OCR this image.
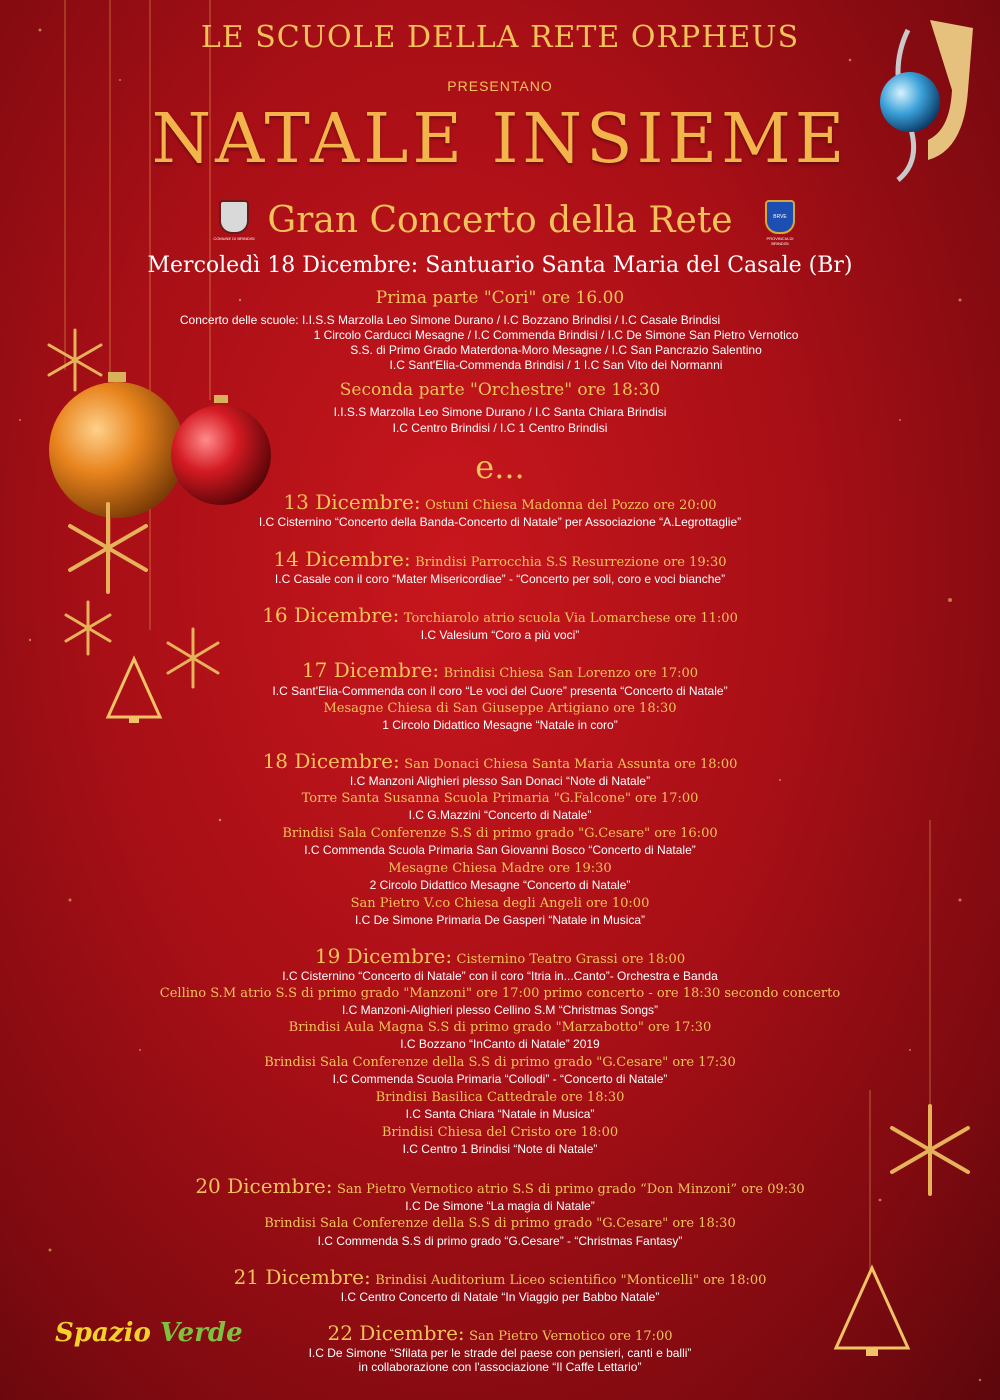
COMUNE DI BRINDISI
BRVE
PROVINCIA DI BRINDISI
LE SCUOLE DELLA RETE ORPHEUS
PRESENTANO
NATALE INSIEME
Gran Concerto della Rete
Mercoledì 18 Dicembre: Santuario Santa Maria del Casale (Br)
Prima parte "Cori" ore 16.00
Concerto delle scuole: I.I.S.S Marzolla Leo Simone Durano / I.C Bozzano Brindisi / I.C Casale Brindisi
1 Circolo Carducci Mesagne / I.C Commenda Brindisi / I.C De Simone San Pietro Vernotico
S.S. di Primo Grado Materdona-Moro Mesagne / I.C San Pancrazio Salentino
I.C Sant'Elia-Commenda Brindisi / 1 I.C San Vito dei Normanni
Seconda parte "Orchestre" ore 18:30
I.I.S.S Marzolla Leo Simone Durano / I.C Santa Chiara Brindisi
I.C Centro Brindisi / I.C 1 Centro Brindisi
e...
13 Dicembre: Ostuni Chiesa Madonna del Pozzo ore 20:00
I.C Cisternino “Concerto della Banda-Concerto di Natale” per Associazione “A.Legrottaglie”
14 Dicembre: Brindisi Parrocchia S.S Resurrezione ore 19:30
I.C Casale con il coro “Mater Misericordiae” - “Concerto per soli, coro e voci bianche”
16 Dicembre: Torchiarolo atrio scuola Via Lomarchese ore 11:00
I.C Valesium “Coro a più voci”
17 Dicembre: Brindisi Chiesa San Lorenzo ore 17:00
I.C Sant'Elia-Commenda con il coro “Le voci del Cuore” presenta “Concerto di Natale”
Mesagne Chiesa di San Giuseppe Artigiano ore 18:30
1 Circolo Didattico Mesagne “Natale in coro”
18 Dicembre: San Donaci Chiesa Santa Maria Assunta ore 18:00
I.C Manzoni Alighieri plesso San Donaci “Note di Natale”
Torre Santa Susanna Scuola Primaria "G.Falcone" ore 17:00
I.C G.Mazzini “Concerto di Natale”
Brindisi Sala Conferenze S.S di primo grado "G.Cesare" ore 16:00
I.C Commenda Scuola Primaria San Giovanni Bosco “Concerto di Natale”
Mesagne Chiesa Madre ore 19:30
2 Circolo Didattico Mesagne “Concerto di Natale”
San Pietro V.co Chiesa degli Angeli ore 10:00
I.C De Simone Primaria De Gasperi “Natale in Musica”
19 Dicembre: Cisternino Teatro Grassi ore 18:00
I.C Cisternino “Concerto di Natale” con il coro “Itria in...Canto”- Orchestra e Banda
Cellino S.M atrio S.S di primo grado "Manzoni" ore 17:00 primo concerto - ore 18:30 secondo concerto
I.C Manzoni-Alighieri plesso Cellino S.M “Christmas Songs”
Brindisi Aula Magna S.S di primo grado "Marzabotto" ore 17:30
I.C Bozzano “InCanto di Natale” 2019
Brindisi Sala Conferenze della S.S di primo grado "G.Cesare" ore 17:30
I.C Commenda Scuola Primaria “Collodi” - “Concerto di Natale”
Brindisi Basilica Cattedrale ore 18:30
I.C Santa Chiara “Natale in Musica”
Brindisi Chiesa del Cristo ore 18:00
I.C Centro 1 Brindisi “Note di Natale”
20 Dicembre: San Pietro Vernotico atrio S.S di primo grado “Don Minzoni” ore 09:30
I.C De Simone “La magia di Natale”
Brindisi Sala Conferenze della S.S di primo grado "G.Cesare" ore 18:30
I.C Commenda S.S di primo grado “G.Cesare” - “Christmas Fantasy”
21 Dicembre: Brindisi Auditorium Liceo scientifico "Monticelli" ore 18:00
I.C Centro Concerto di Natale “In Viaggio per Babbo Natale”
22 Dicembre: San Pietro Vernotico ore 17:00
I.C De Simone “Sfilata per le strade del paese con pensieri, canti e balli”
in collaborazione con l'associazione “Il Caffe Lettario”
Spazio Verde
